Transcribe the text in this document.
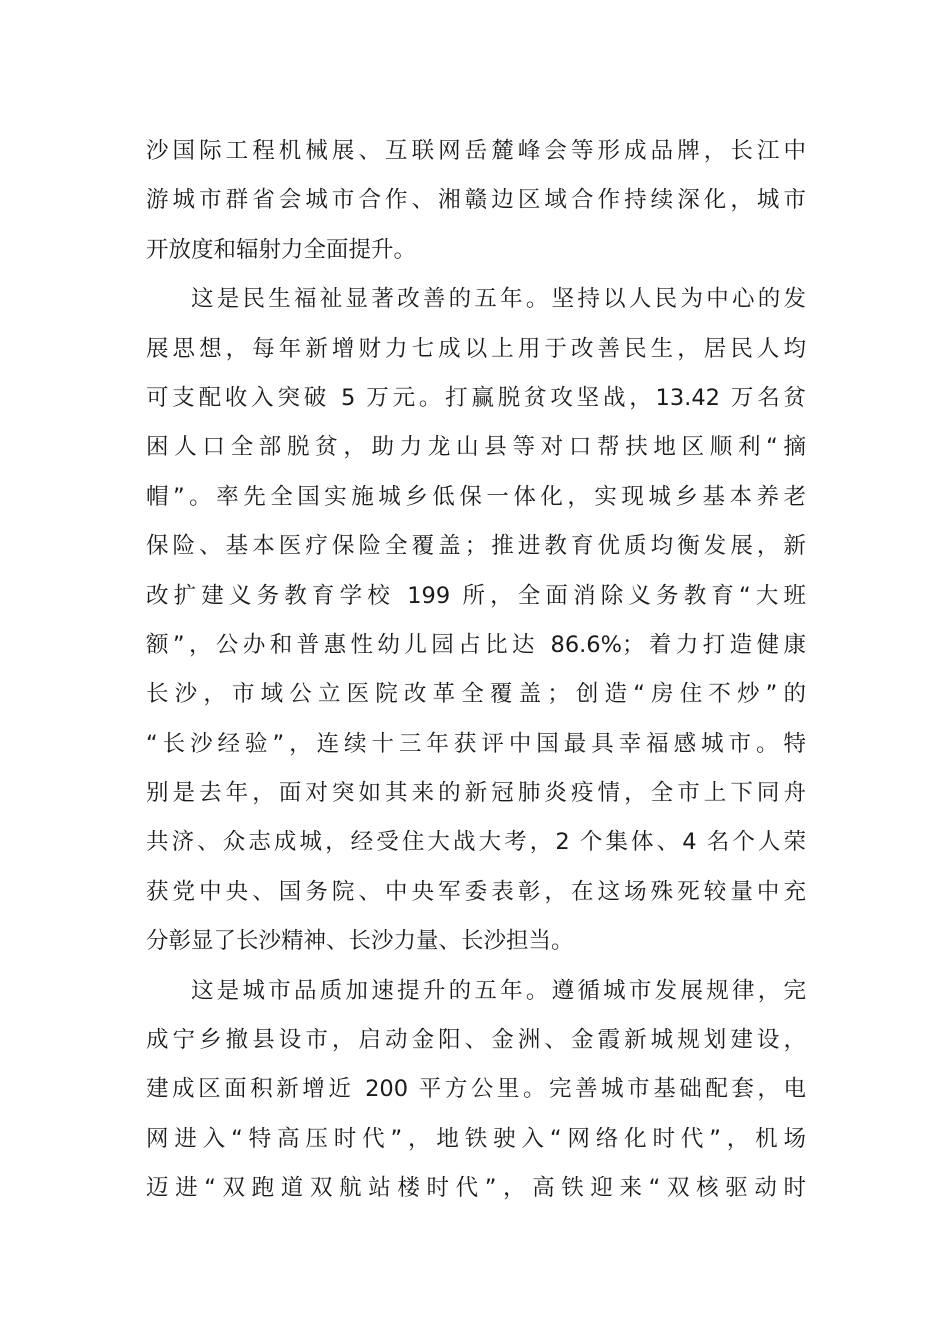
沙国际工程机械展、互联网岳麓峰会等形成品牌，长江中
游城市群省会城市合作、湘赣边区域合作持续深化，城市
开放度和辐射力全面提升。
这是民生福祉显著改善的五年。坚持以人民为中心的发
展思想，每年新增财力七成以上用于改善民生，居民人均
可支配收入突破 5 万元。打赢脱贫攻坚战，13.42 万名贫
困人口全部脱贫，助力龙山县等对口帮扶地区顺利“摘
帽”。率先全国实施城乡低保一体化，实现城乡基本养老
保险、基本医疗保险全覆盖；推进教育优质均衡发展，新
改扩建义务教育学校 199 所，全面消除义务教育“大班
额”，公办和普惠性幼儿园占比达 86.6%；着力打造健康
长沙，市域公立医院改革全覆盖；创造“房住不炒”的
“长沙经验”，连续十三年获评中国最具幸福感城市。特
别是去年，面对突如其来的新冠肺炎疫情，全市上下同舟
共济、众志成城，经受住大战大考，2 个集体、4 名个人荣
获党中央、国务院、中央军委表彰，在这场殊死较量中充
分彰显了长沙精神、长沙力量、长沙担当。
这是城市品质加速提升的五年。遵循城市发展规律，完
成宁乡撤县设市，启动金阳、金洲、金霞新城规划建设，
建成区面积新增近 200 平方公里。完善城市基础配套，电
网进入“特高压时代”，地铁驶入“网络化时代”，机场
迈进“双跑道双航站楼时代”，高铁迎来“双核驱动时
